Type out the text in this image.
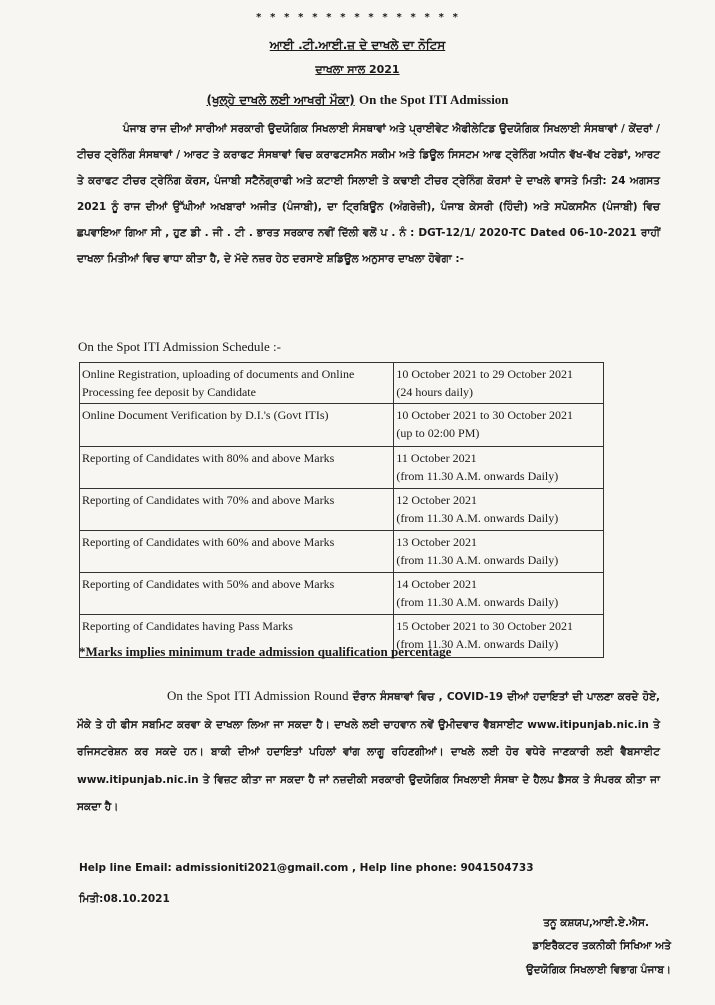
* * * * * * * * * * * * * * *
ਆਈ .ਟੀ.ਆਈ.ਜ਼ ਦੇ ਦਾਖਲੇ ਦਾ ਨੋਟਿਸ
ਦਾਖਲਾ ਸਾਲ 2021
(ਖੁਲ੍ਹੇ ਦਾਖਲੇ ਲਈ ਆਖਰੀ ਮੌਕਾ) On the Spot ITI Admission
ਪੰਜਾਬ ਰਾਜ ਦੀਆਂ ਸਾਰੀਆਂ ਸਰਕਾਰੀ ਉਦਯੋਗਿਕ ਸਿਖਲਾਈ ਸੰਸਥਾਵਾਂ ਅਤੇ ਪ੍ਰਾਈਵੇਟ ਐਫੀਲੇਟਿਡ ਉਦਯੋਗਿਕ ਸਿਖਲਾਈ ਸੰਸਥਾਵਾਂ / ਕੇਂਦਰਾਂ / ਟੀਚਰ ਟ੍ਰੇਨਿੰਗ ਸੰਸਥਾਵਾਂ / ਆਰਟ ਤੇ ਕਰਾਫਟ ਸੰਸਥਾਵਾਂ ਵਿਚ ਕਰਾਫਟਸਮੈਨ ਸਕੀਮ ਅਤੇ ਡਿਊਲ ਸਿਸਟਮ ਆਫ ਟ੍ਰੇਨਿੰਗ ਅਧੀਨ ਵੱਖ-ਵੱਖ ਟਰੇਡਾਂ, ਆਰਟ ਤੇ ਕਰਾਫਟ ਟੀਚਰ ਟ੍ਰੇਨਿੰਗ ਕੋਰਸ, ਪੰਜਾਬੀ ਸਟੈਨੋਗ੍ਰਾਫੀ ਅਤੇ ਕਟਾਈ ਸਿਲਾਈ ਤੇ ਕਢਾਈ ਟੀਚਰ ਟ੍ਰੇਨਿੰਗ ਕੋਰਸਾਂ ਦੇ ਦਾਖਲੇ ਵਾਸਤੇ ਮਿਤੀ: 24 ਅਗਸਤ 2021 ਨੂੰ ਰਾਜ ਦੀਆਂ ਉੱਘੀਆਂ ਅਖਬਾਰਾਂ ਅਜੀਤ (ਪੰਜਾਬੀ), ਦਾ ਟ੍ਰਿਬਿਊਨ (ਅੰਗਰੇਜ਼ੀ), ਪੰਜਾਬ ਕੇਸਰੀ (ਹਿੰਦੀ) ਅਤੇ ਸਪੋਕਸਮੈਨ (ਪੰਜਾਬੀ) ਵਿਚ ਛਪਵਾਇਆ ਗਿਆ ਸੀ , ਹੁਣ ਡੀ . ਜੀ . ਟੀ . ਭਾਰਤ ਸਰਕਾਰ ਨਵੀਂ ਦਿੱਲੀ ਵਲੋਂ ਪ . ਨੰ : DGT-12/1/ 2020-TC Dated 06-10-2021 ਰਾਹੀਂ ਦਾਖਲਾ ਮਿਤੀਆਂ ਵਿਚ ਵਾਧਾ ਕੀਤਾ ਹੈ, ਦੇ ਮੱਦੇ ਨਜ਼ਰ ਹੇਠ ਦਰਸਾਏ ਸ਼ਡਿਊਲ ਅਨੁਸਾਰ ਦਾਖਲਾ ਹੋਵੇਗਾ :-
On the Spot ITI Admission Schedule :-
Online Registration, uploading of documents and Online Processing fee deposit by Candidate	10 October 2021 to 29 October 2021
(24 hours daily)

Online Document Verification by D.I.'s (Govt ITIs)	10 October 2021 to 30 October 2021
(up to 02:00 PM)

Reporting of Candidates with 80% and above Marks	11 October 2021
(from 11.30 A.M. onwards Daily)

Reporting of Candidates with 70% and above Marks	12 October 2021
(from 11.30 A.M. onwards Daily)

Reporting of Candidates with 60% and above Marks	13 October 2021
(from 11.30 A.M. onwards Daily)

Reporting of Candidates with 50% and above Marks	14 October 2021
(from 11.30 A.M. onwards Daily)

Reporting of Candidates having Pass Marks	15 October 2021 to 30 October 2021
(from 11.30 A.M. onwards Daily)
*Marks implies minimum trade admission qualification percentage
On the Spot ITI Admission Round ਦੌਰਾਨ ਸੰਸਥਾਵਾਂ ਵਿਚ , COVID-19 ਦੀਆਂ ਹਦਾਇਤਾਂ ਦੀ ਪਾਲਣਾ ਕਰਦੇ ਹੋਏ, ਮੌਕੇ ਤੇ ਹੀ ਫੀਸ ਸਬਮਿਟ ਕਰਵਾ ਕੇ ਦਾਖਲਾ ਲਿਆ ਜਾ ਸਕਦਾ ਹੈ। ਦਾਖਲੇ ਲਈ ਚਾਹਵਾਨ ਨਵੇਂ ਉਮੀਦਵਾਰ ਵੈਬਸਾਈਟ www.itipunjab.nic.in ਤੇ ਰਜਿਸਟਰੇਸ਼ਨ ਕਰ ਸਕਦੇ ਹਨ। ਬਾਕੀ ਦੀਆਂ ਹਦਾਇਤਾਂ ਪਹਿਲਾਂ ਵਾਂਗ ਲਾਗੂ ਰਹਿਣਗੀਆਂ। ਦਾਖਲੇ ਲਈ ਹੋਰ ਵਧੇਰੇ ਜਾਣਕਾਰੀ ਲਈ ਵੈਬਸਾਈਟ www.itipunjab.nic.in ਤੇ ਵਿਜ਼ਟ ਕੀਤਾ ਜਾ ਸਕਦਾ ਹੈ ਜਾਂ ਨਜ਼ਦੀਕੀ ਸਰਕਾਰੀ ਉਦਯੋਗਿਕ ਸਿਖਲਾਈ ਸੰਸਥਾ ਦੇ ਹੈਲਪ ਡੈਸਕ ਤੇ ਸੰਪਰਕ ਕੀਤਾ ਜਾ ਸਕਦਾ ਹੈ।
Help line Email: admissioniti2021@gmail.com , Help line phone: 9041504733
ਮਿਤੀ:08.10.2021
ਤਨੂ ਕਸ਼ਯਪ,ਆਈ.ਏ.ਐਸ.
ਡਾਇਰੈਕਟਰ ਤਕਨੀਕੀ ਸਿਖਿਆ ਅਤੇ
ਉਦਯੋਗਿਕ ਸਿਖਲਾਈ ਵਿਭਾਗ ਪੰਜਾਬ।
